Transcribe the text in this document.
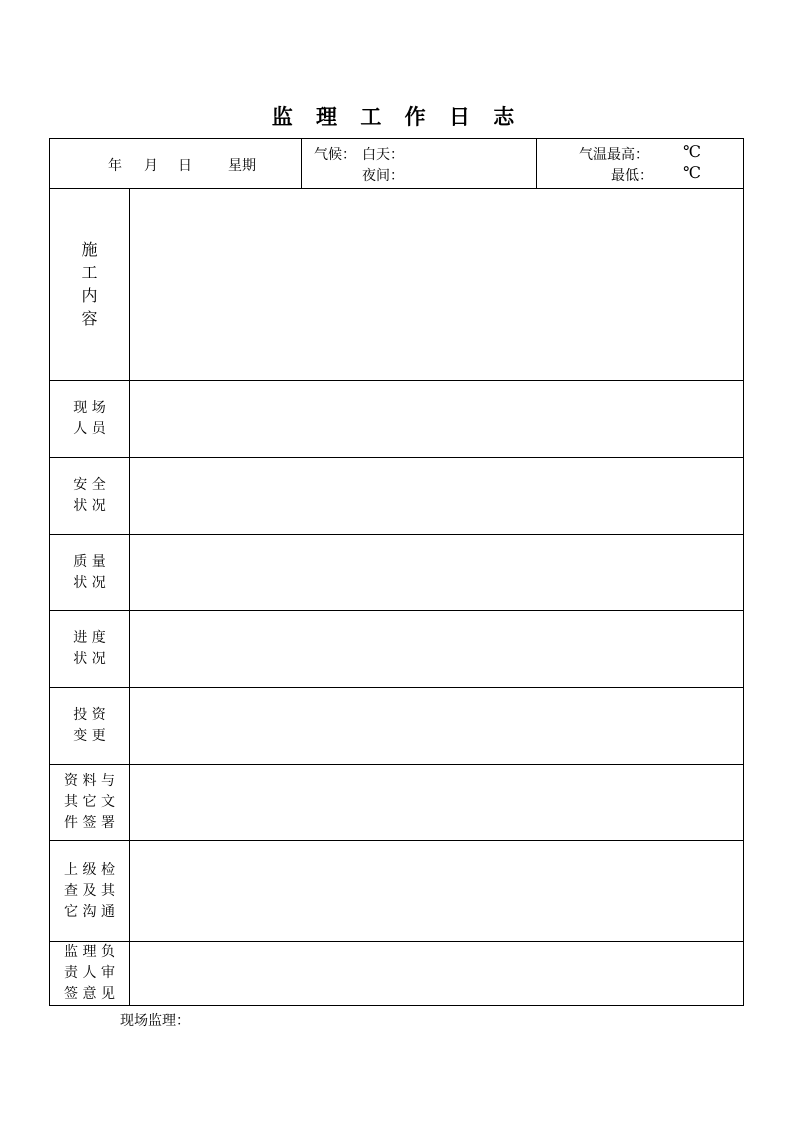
监 理 工 作 日 志
年 月 日	星期
气候： 白天：
夜间：
气温最高： ℃
最低： ℃
施
工
内
容
现 场
人 员
安 全
状 况
质 量
状 况
进 度
状 况
投 资
变 更
资 料 与
其 它 文
件 签 署
上 级 检
查 及 其
它 沟 通
监 理 负
责 人 审
签 意 见
现场监理：
